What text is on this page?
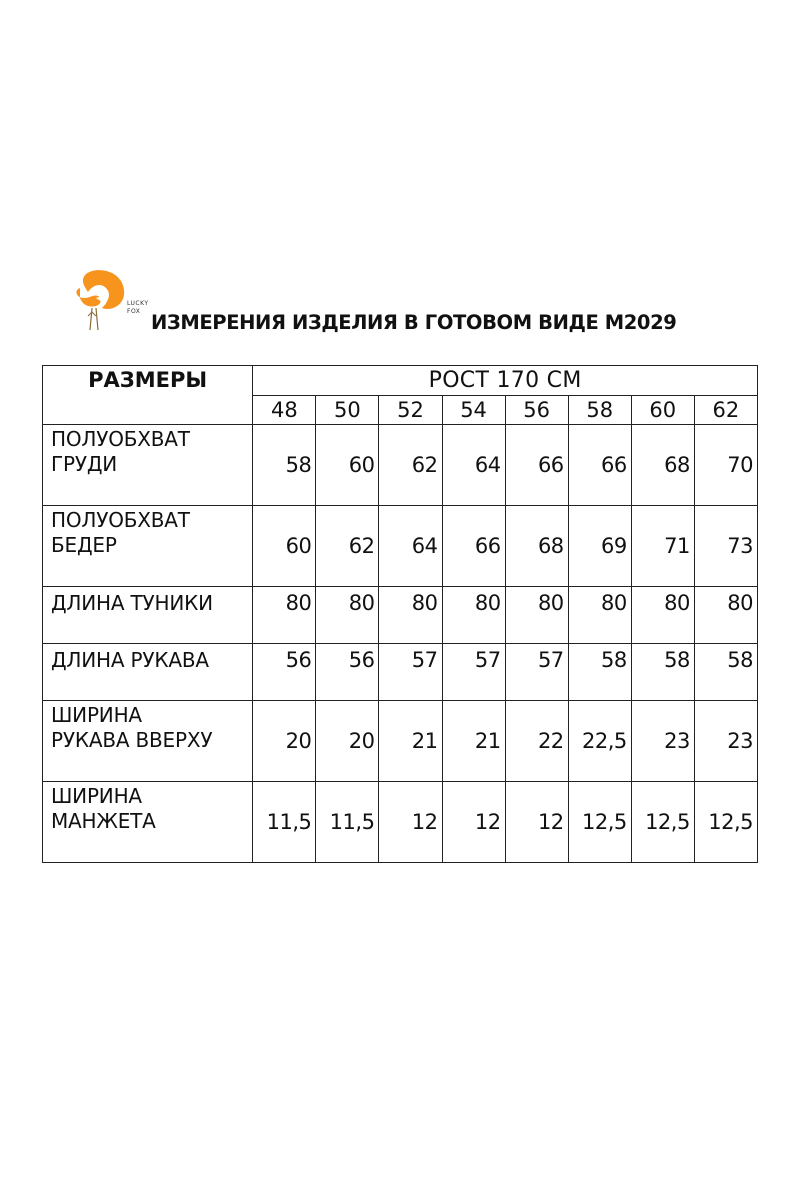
LUCKY
FOX ИЗМЕРЕНИЯ ИЗДЕЛИЯ В ГОТОВОМ ВИДЕ М2029
РАЗМЕРЫ	РОСТ 170 СМ							
	48	50	52	54	56	58	60	62

ПОЛУОБХВАТ
ГРУДИ	58	60	62	64	66	66	68	70

ПОЛУОБХВАТ
БЕДЕР	60	62	64	66	68	69	71	73
ДЛИНА ТУНИКИ	80	80	80	80	80	80	80	80
ДЛИНА РУКАВА	56	56	57	57	57	58	58	58

ШИРИНА
РУКАВА ВВЕРХУ	20	20	21	21	22	22,5	23	23

ШИРИНА
МАНЖЕТА	11,5	11,5	12	12	12	12,5	12,5	12,5
